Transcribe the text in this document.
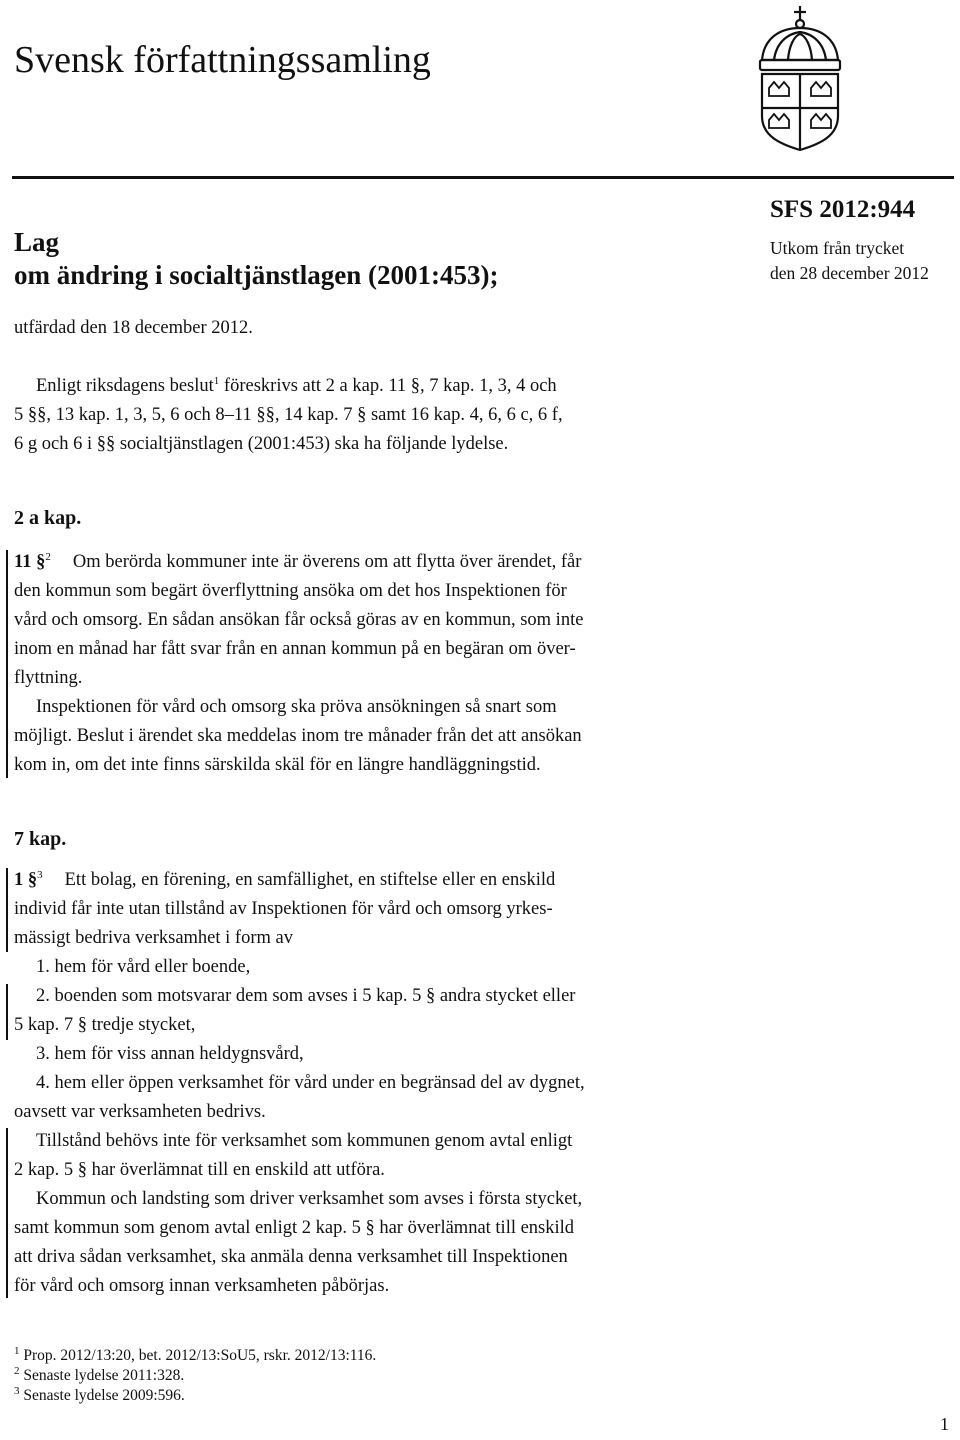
Svensk författningssamling
SFS 2012:944
Utkom från trycket
den 28 december 2012
Lag
om ändring i socialtjänstlagen (2001:453);
utfärdad den 18 december 2012.
Enligt riksdagens beslut$^1$ föreskrivs att 2 a kap. 11 §, 7 kap. 1, 3, 4 och
5 §§, 13 kap. 1, 3, 5, 6 och 8–11 §§, 14 kap. 7 § samt 16 kap. 4, 6, 6 c, 6 f,
6 g och 6 i §§ socialtjänstlagen (2001:453) ska ha följande lydelse.
2 a kap.
11 §$^2$ Om berörda kommuner inte är överens om att flytta över ärendet, får
den kommun som begärt överflyttning ansöka om det hos Inspektionen för
vård och omsorg. En sådan ansökan får också göras av en kommun, som inte
inom en månad har fått svar från en annan kommun på en begäran om över-
flyttning.
Inspektionen för vård och omsorg ska pröva ansökningen så snart som
möjligt. Beslut i ärendet ska meddelas inom tre månader från det att ansökan
kom in, om det inte finns särskilda skäl för en längre handläggningstid.
7 kap.
1 §$^3$ Ett bolag, en förening, en samfällighet, en stiftelse eller en enskild
individ får inte utan tillstånd av Inspektionen för vård och omsorg yrkes-
mässigt bedriva verksamhet i form av
1. hem för vård eller boende,
2. boenden som motsvarar dem som avses i 5 kap. 5 § andra stycket eller
5 kap. 7 § tredje stycket,
3. hem för viss annan heldygnsvård,
4. hem eller öppen verksamhet för vård under en begränsad del av dygnet,
oavsett var verksamheten bedrivs.
Tillstånd behövs inte för verksamhet som kommunen genom avtal enligt
2 kap. 5 § har överlämnat till en enskild att utföra.
Kommun och landsting som driver verksamhet som avses i första stycket,
samt kommun som genom avtal enligt 2 kap. 5 § har överlämnat till enskild
att driva sådan verksamhet, ska anmäla denna verksamhet till Inspektionen
för vård och omsorg innan verksamheten påbörjas.
$^1$ Prop. 2012/13:20, bet. 2012/13:SoU5, rskr. 2012/13:116.
$^2$ Senaste lydelse 2011:328.
$^3$ Senaste lydelse 2009:596.
1
